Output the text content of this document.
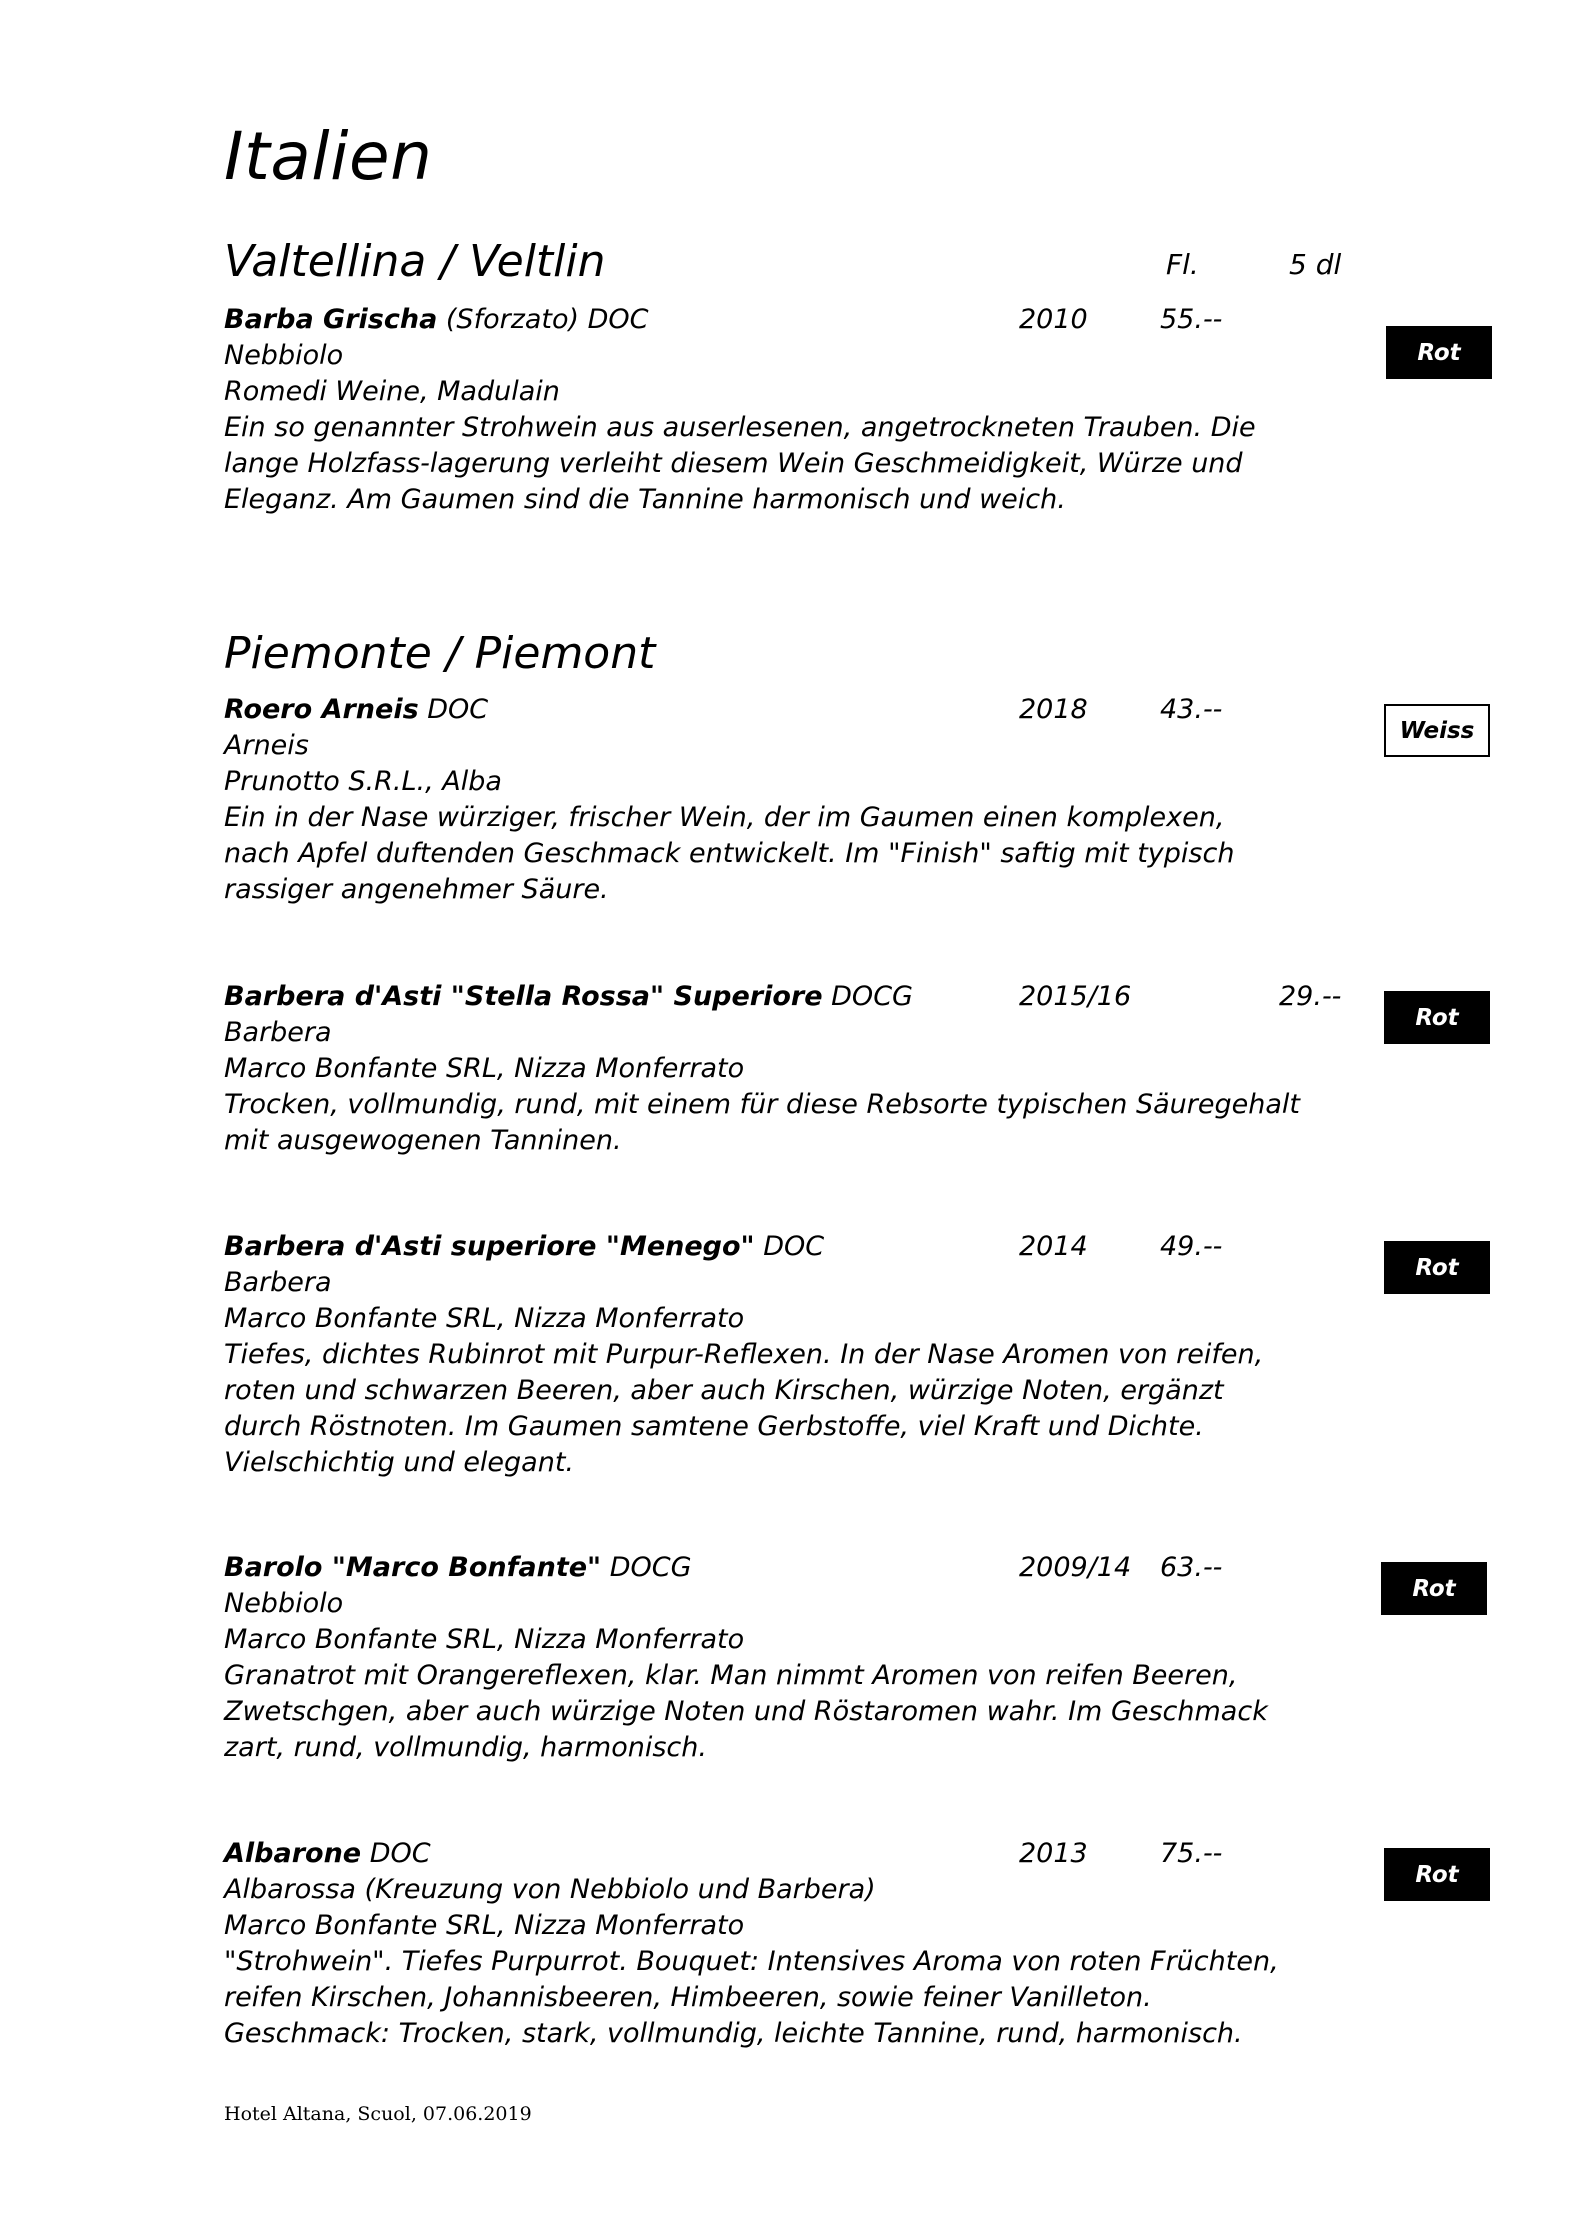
Italien
Valtellina / Veltlin	Fl.	5 dl
Piemonte / Piemont
Barba Grischa (Sforzato) DOC	2010	55.--
Rot
Nebbiolo
Romedi Weine, Madulain
Ein so genannter Strohwein aus auserlesenen, angetrockneten Trauben. Die
lange Holzfass-lagerung verleiht diesem Wein Geschmeidigkeit, Würze und
Eleganz. Am Gaumen sind die Tannine harmonisch und weich.
Roero Arneis DOC	2018	43.--
Weiss
Arneis
Prunotto S.R.L., Alba
Ein in der Nase würziger, frischer Wein, der im Gaumen einen komplexen,
nach Apfel duftenden Geschmack entwickelt. Im "Finish" saftig mit typisch
rassiger angenehmer Säure.
Barbera d'Asti "Stella Rossa" Superiore DOCG	2015/16	29.--
Rot
Barbera
Marco Bonfante SRL, Nizza Monferrato
Trocken, vollmundig, rund, mit einem für diese Rebsorte typischen Säuregehalt
mit ausgewogenen Tanninen.
Barbera d'Asti superiore "Menego" DOC	2014	49.--
Rot
Barbera
Marco Bonfante SRL, Nizza Monferrato
Tiefes, dichtes Rubinrot mit Purpur-Reflexen. In der Nase Aromen von reifen,
roten und schwarzen Beeren, aber auch Kirschen, würzige Noten, ergänzt
durch Röstnoten. Im Gaumen samtene Gerbstoffe, viel Kraft und Dichte.
Vielschichtig und elegant.
Barolo "Marco Bonfante" DOCG	2009/14 63.--
Rot
Nebbiolo
Marco Bonfante SRL, Nizza Monferrato
Granatrot mit Orangereflexen, klar. Man nimmt Aromen von reifen Beeren,
Zwetschgen, aber auch würzige Noten und Röstaromen wahr. Im Geschmack
zart, rund, vollmundig, harmonisch.
Albarone DOC	2013	75.--
Rot
Albarossa (Kreuzung von Nebbiolo und Barbera)
Marco Bonfante SRL, Nizza Monferrato
"Strohwein". Tiefes Purpurrot. Bouquet: Intensives Aroma von roten Früchten,
reifen Kirschen, Johannisbeeren, Himbeeren, sowie feiner Vanilleton.
Geschmack: Trocken, stark, vollmundig, leichte Tannine, rund, harmonisch.
Hotel Altana, Scuol, 07.06.2019
